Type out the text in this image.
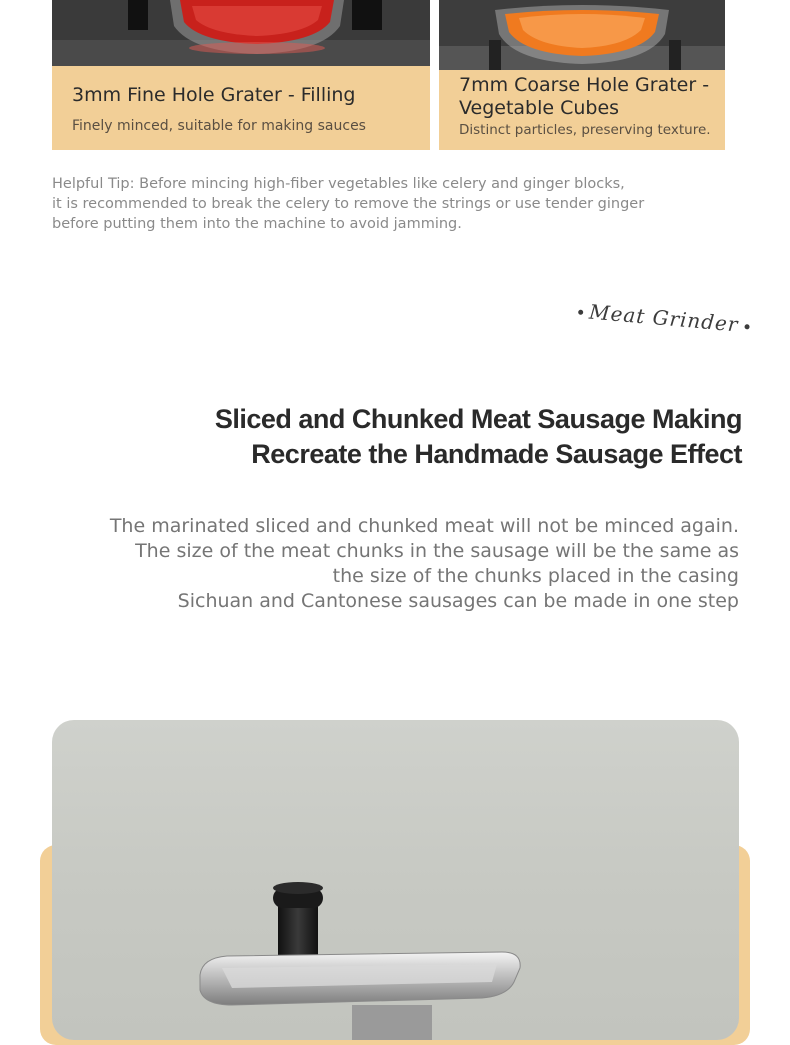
3mm Fine Hole Grater - Filling
Finely minced, suitable for making sauces
7mm Coarse Hole Grater -
Vegetable Cubes
Distinct particles, preserving texture.
Helpful Tip: Before mincing high-fiber vegetables like celery and ginger blocks,
it is recommended to break the celery to remove the strings or use tender ginger
before putting them into the machine to avoid jamming.
Meat Grinder
Sliced and Chunked Meat Sausage Making
Recreate the Handmade Sausage Effect
The marinated sliced and chunked meat will not be minced again.
The size of the meat chunks in the sausage will be the same as
the size of the chunks placed in the casing
Sichuan and Cantonese sausages can be made in one step
